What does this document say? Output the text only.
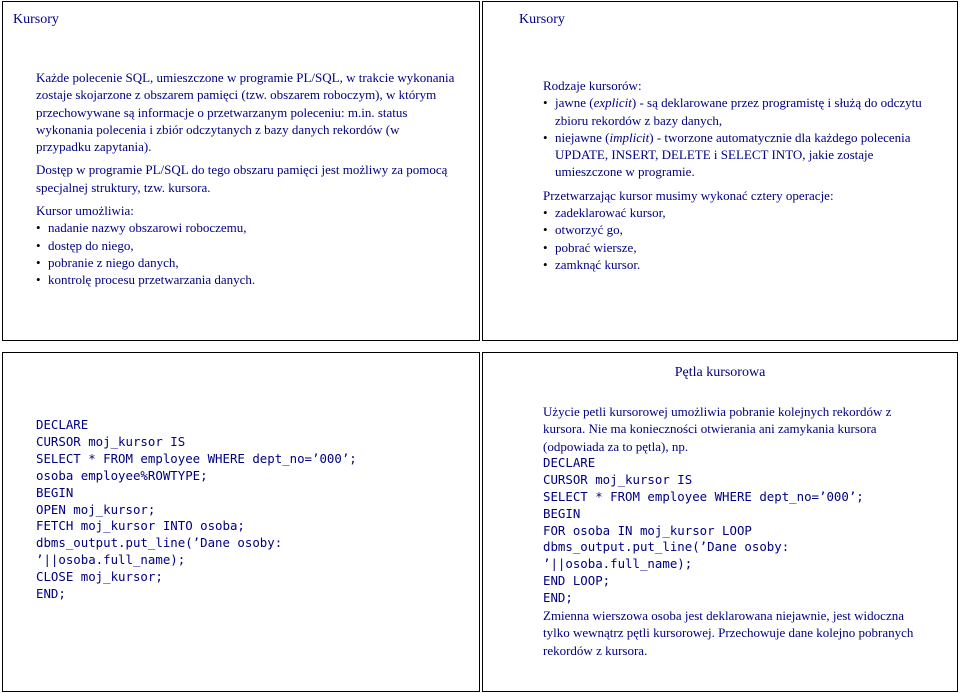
Kursory

Każde polecenie SQL, umieszczone w programie PL/SQL, w trakcie wykonania zostaje skojarzone z obszarem pamięci (tzw. obszarem roboczym), w którym przechowywane są informacje o przetwarzanym poleceniu: m.in. status wykonania polecenia i zbiór odczytanych z bazy danych rekordów (w przypadku zapytania).

Dostęp w programie PL/SQL do tego obszaru pamięci jest możliwy za pomocą specjalnej struktury, tzw. kursora.

Kursor umożliwia:
• nadanie nazwy obszarowi roboczemu,
• dostęp do niego,
• pobranie z niego danych,
• kontrolę procesu przetwarzania danych.
Kursory
Rodzaje kursorów:
• jawne (explicit) - są deklarowane przez programistę i służą do odczytu zbioru rekordów z bazy danych,
• niejawne (implicit) - tworzone automatycznie dla każdego polecenia UPDATE, INSERT, DELETE i SELECT INTO, jakie zostaje umieszczone w programie.
Przetwarzając kursor musimy wykonać cztery operacje:
• zadeklarować kursor,
• otworzyć go,
• pobrać wiersze,
• zamknąć kursor.
DECLARE
CURSOR moj_kursor IS
SELECT * FROM employee WHERE dept_no=’000’;
osoba employee%ROWTYPE;
BEGIN
OPEN moj_kursor;
FETCH moj_kursor INTO osoba;
dbms_output.put_line(’Dane osoby:
’||osoba.full_name);
CLOSE moj_kursor;
END;
Pętla kursorowa
Użycie petli kursorowej umożliwia pobranie kolejnych rekordów z kursora. Nie ma konieczności otwierania ani zamykania kursora (odpowiada za to pętla), np.
DECLARE
CURSOR moj_kursor IS
SELECT * FROM employee WHERE dept_no=’000’;
BEGIN
FOR osoba IN moj_kursor LOOP
dbms_output.put_line(’Dane osoby:
’||osoba.full_name);
END LOOP;
END;
Zmienna wierszowa osoba jest deklarowana niejawnie, jest widoczna tylko wewnątrz pętli kursorowej. Przechowuje dane kolejno pobranych rekordów z kursora.
